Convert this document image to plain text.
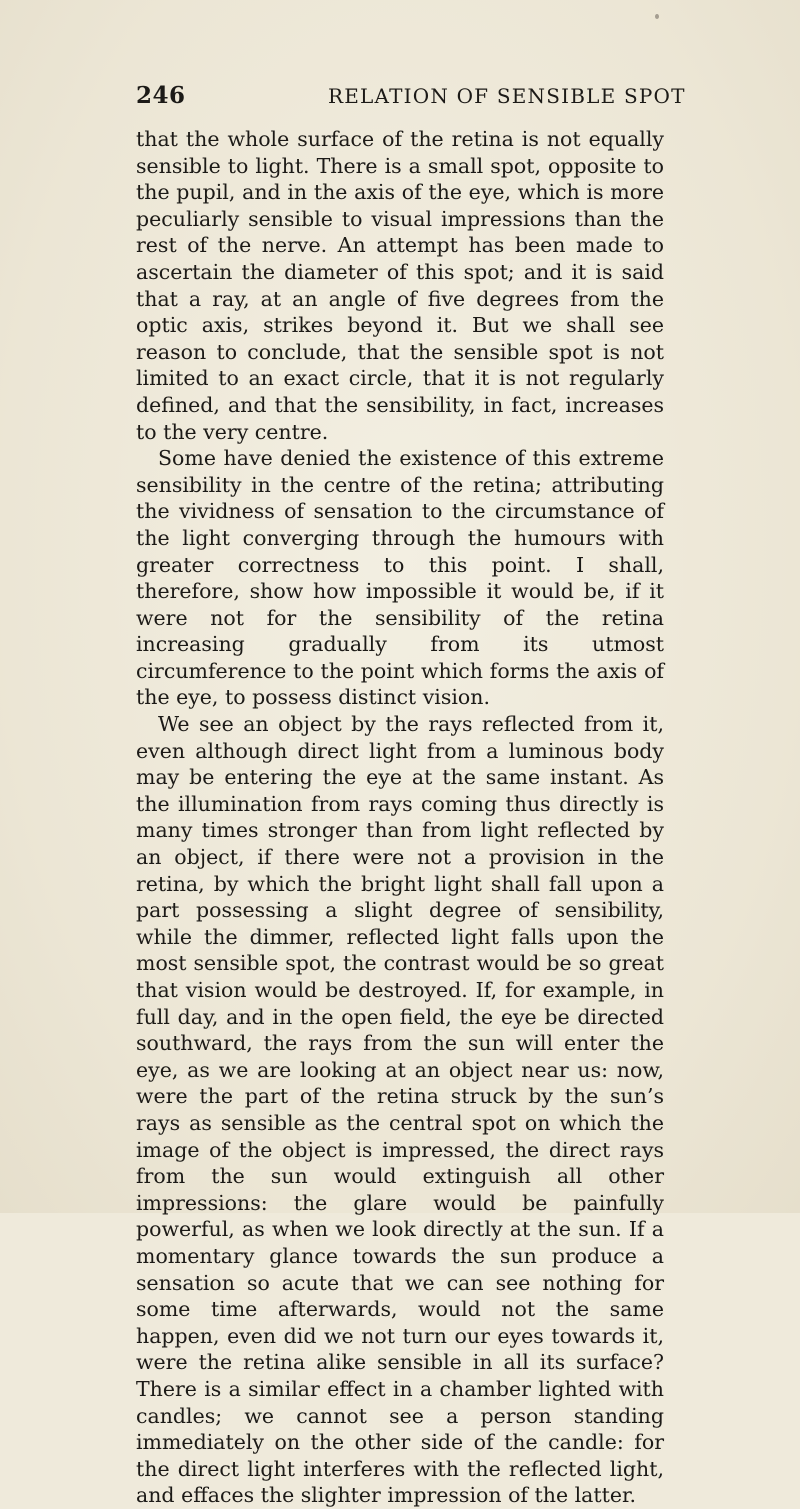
246	RELATION OF SENSIBLE SPOT

that the whole surface of the retina is not equally sensible to light. There is a small spot, opposite to the pupil, and in the axis of the eye, which is more peculiarly sensible to visual impressions than the rest of the nerve. An attempt has been made to ascertain the diameter of this spot; and it is said that a ray, at an angle of five degrees from the optic axis, strikes beyond it. But we shall see reason to conclude, that the sensible spot is not limited to an exact circle, that it is not regularly defined, and that the sensibility, in fact, increases to the very centre.

Some have denied the existence of this extreme sensibility in the centre of the retina; attributing the vividness of sensation to the circumstance of the light converging through the humours with greater correctness to this point. I shall, therefore, show how impossible it would be, if it were not for the sensibility of the retina increasing gradually from its utmost circumference to the point which forms the axis of the eye, to possess distinct vision.

We see an object by the rays reflected from it, even although direct light from a luminous body may be entering the eye at the same instant. As the illumination from rays coming thus directly is many times stronger than from light reflected by an object, if there were not a provision in the retina, by which the bright light shall fall upon a part possessing a slight degree of sensibility, while the dimmer, reflected light falls upon the most sensible spot, the contrast would be so great that vision would be destroyed. If, for example, in full day, and in the open field, the eye be directed southward, the rays from the sun will enter the eye, as we are looking at an object near us: now, were the part of the retina struck by the sun’s rays as sensible as the central spot on which the image of the object is impressed, the direct rays from the sun would extinguish all other impressions: the glare would be painfully powerful, as when we look directly at the sun. If a momentary glance towards the sun produce a sensation so acute that we can see nothing for some time afterwards, would not the same happen, even did we not turn our eyes towards it, were the retina alike sensible in all its surface? There is a similar effect in a chamber lighted with candles; we cannot see a person standing immediately on the other side of the candle: for the direct light interferes with the reflected light, and effaces the slighter impression of the latter.
